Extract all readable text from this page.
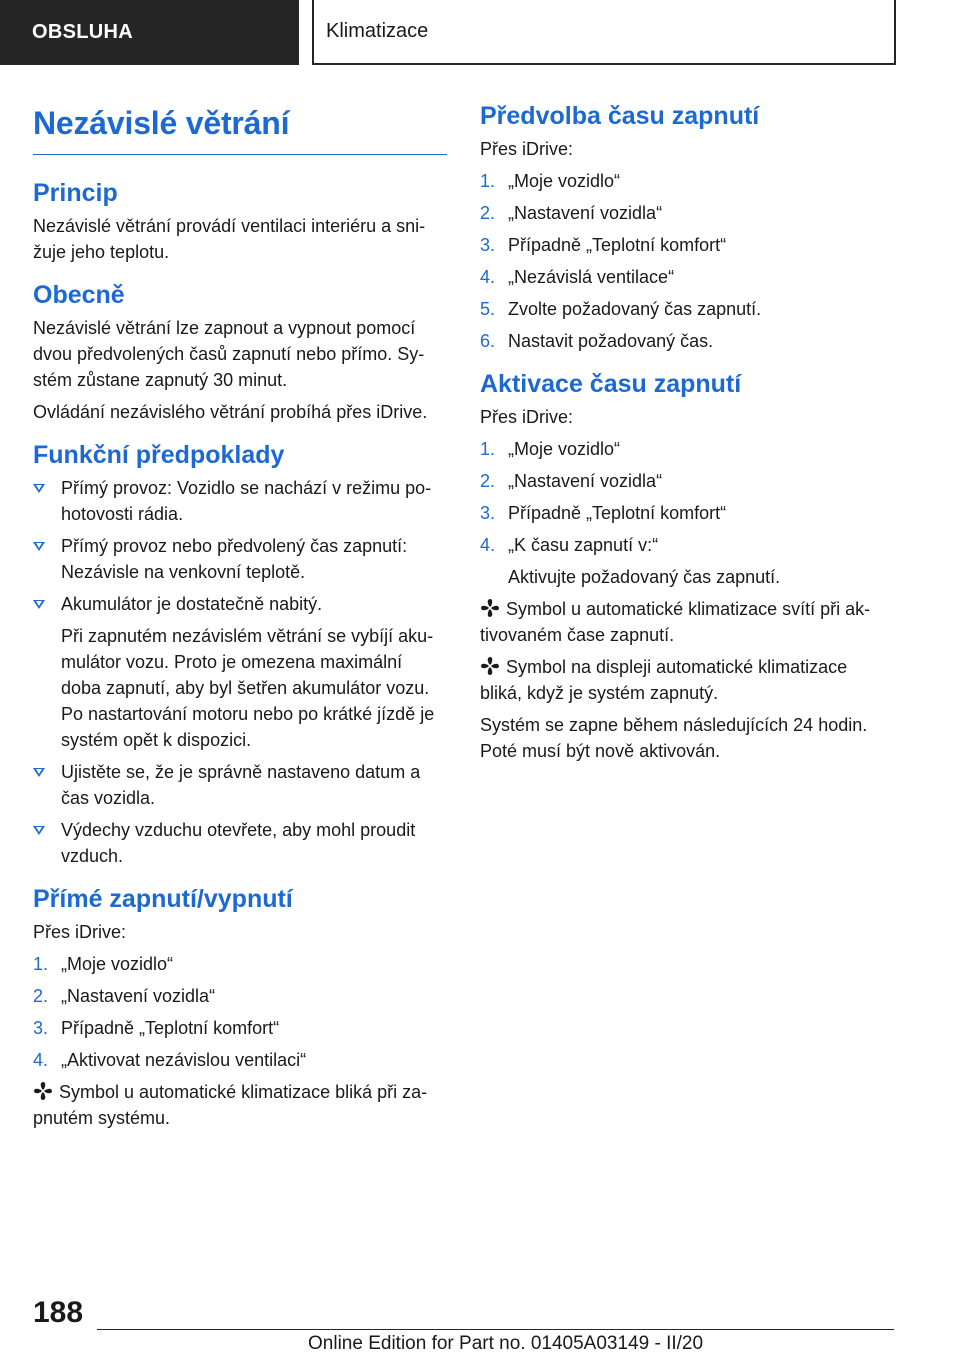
OBSLUHA	Klimatizace
Nezávislé větrání
Princip

Nezávislé větrání provádí ventilaci interiéru a sni-žuje jeho teplotu.

Obecně

Nezávislé větrání lze zapnout a vypnout pomocí dvou předvolených časů zapnutí nebo přímo. Sy-stém zůstane zapnutý 30 minut.

Ovládání nezávislého větrání probíhá přes iDrive.

Funkční předpoklady
Přímý provoz: Vozidlo se nachází v režimu po-hotovosti rádia.
Přímý provoz nebo předvolený čas zapnutí: Nezávisle na venkovní teplotě.
Akumulátor je dostatečně nabitý.

Při zapnutém nezávislém větrání se vybíjí aku-mulátor vozu. Proto je omezena maximální doba zapnutí, aby byl šetřen akumulátor vozu. Po nastartování motoru nebo po krátké jízdě je systém opět k dispozici.

Ujistěte se, že je správně nastaveno datum a čas vozidla.
Výdechy vzduchu otevřete, aby mohl proudit vzduch.
Přímé zapnutí/vypnutí

Přes iDrive:

1. „Moje vozidlo“
2. „Nastavení vozidla“
3. Případně „Teplotní komfort“
4. „Aktivovat nezávislou ventilaci“

Symbol u automatické klimatizace bliká při za-pnutém systému.

Předvolba času zapnutí

Přes iDrive:

1. „Moje vozidlo“
2. „Nastavení vozidla“
3. Případně „Teplotní komfort“
4. „Nezávislá ventilace“
5. Zvolte požadovaný čas zapnutí.
6. Nastavit požadovaný čas.
Aktivace času zapnutí

Přes iDrive:

1. „Moje vozidlo“
2. „Nastavení vozidla“
3. Případně „Teplotní komfort“
4. „K času zapnutí v:“

Aktivujte požadovaný čas zapnutí.

Symbol u automatické klimatizace svítí při ak-tivovaném čase zapnutí.

Symbol na displeji automatické klimatizace bliká, když je systém zapnutý.

Systém se zapne během následujících 24 hodin. Poté musí být nově aktivován.

188
Online Edition for Part no. 01405A03149 - II/20
